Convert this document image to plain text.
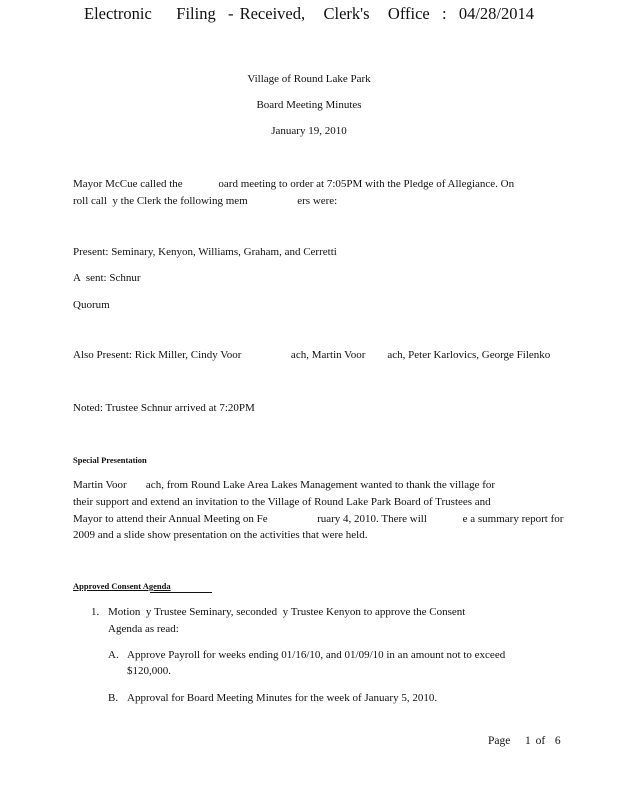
Electronic    Filing  - Received,   Clerk's   Office  :  04/28/2014
Village of Round Lake Park
Board Meeting Minutes
January 19, 2010
Mayor McCue called the             oard meeting to order at 7:05PM with the Pledge of Allegiance. On
roll call  y the Clerk the following mem                  ers were:
Present: Seminary, Kenyon, Williams, Graham, and Cerretti
A  sent: Schnur
Quorum
Also Present: Rick Miller, Cindy Voor                  ach, Martin Voor        ach, Peter Karlovics, George Filenko
Noted: Trustee Schnur arrived at 7:20PM
Special Presentation
Martin Voor       ach, from Round Lake Area Lakes Management wanted to thank the village for
their support and extend an invitation to the Village of Round Lake Park Board of Trustees and
Mayor to attend their Annual Meeting on Fe                  ruary 4, 2010. There will             e a summary report for
2009 and a slide show presentation on the activities that were held.
Approved Consent Agenda
1. Motion  y Trustee Seminary, seconded  y Trustee Kenyon to approve the Consent
Agenda as read:
A. Approve Payroll for weeks ending 01/16/10, and 01/09/10 in an amount not to exceed
$120,000.
B. Approval for Board Meeting Minutes for the week of January 5, 2010.
Page   1 of  6
